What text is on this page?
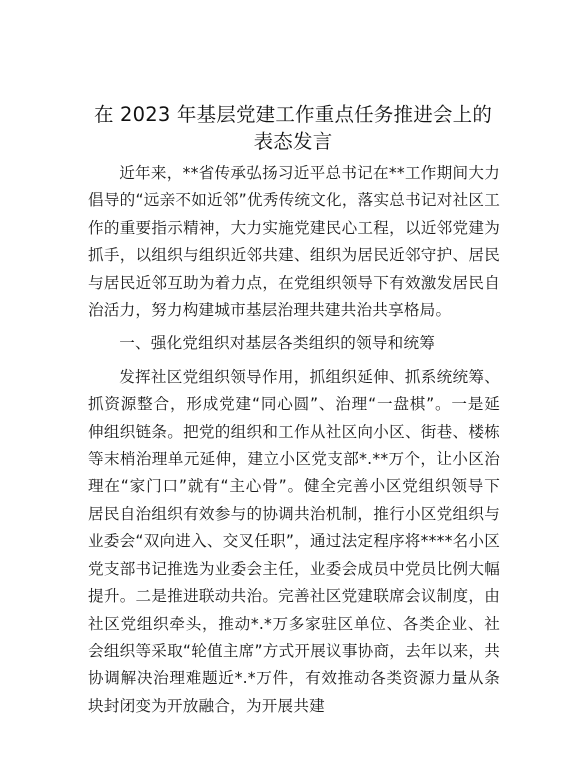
在 2023 年基层党建工作重点任务推进会上的表态发言

近年来，**省传承弘扬习近平总书记在**工作期间大力倡导的“远亲不如近邻”优秀传统文化，落实总书记对社区工作的重要指示精神，大力实施党建民心工程，以近邻党建为抓手，以组织与组织近邻共建、组织为居民近邻守护、居民与居民近邻互助为着力点，在党组织领导下有效激发居民自治活力，努力构建城市基层治理共建共治共享格局。

一、强化党组织对基层各类组织的领导和统筹

发挥社区党组织领导作用，抓组织延伸、抓系统统筹、抓资源整合，形成党建“同心圆”、治理“一盘棋”。一是延伸组织链条。把党的组织和工作从社区向小区、街巷、楼栋等末梢治理单元延伸，建立小区党支部*.**万个，让小区治理在“家门口”就有“主心骨”。健全完善小区党组织领导下居民自治组织有效参与的协调共治机制，推行小区党组织与业委会“双向进入、交叉任职”，通过法定程序将****名小区党支部书记推选为业委会主任，业委会成员中党员比例大幅提升。二是推进联动共治。完善社区党建联席会议制度，由社区党组织牵头，推动*.*万多家驻区单位、各类企业、社会组织等采取“轮值主席”方式开展议事协商，去年以来，共协调解决治理难题近*.*万件，有效推动各类资源力量从条块封闭变为开放融合，为开展共建
